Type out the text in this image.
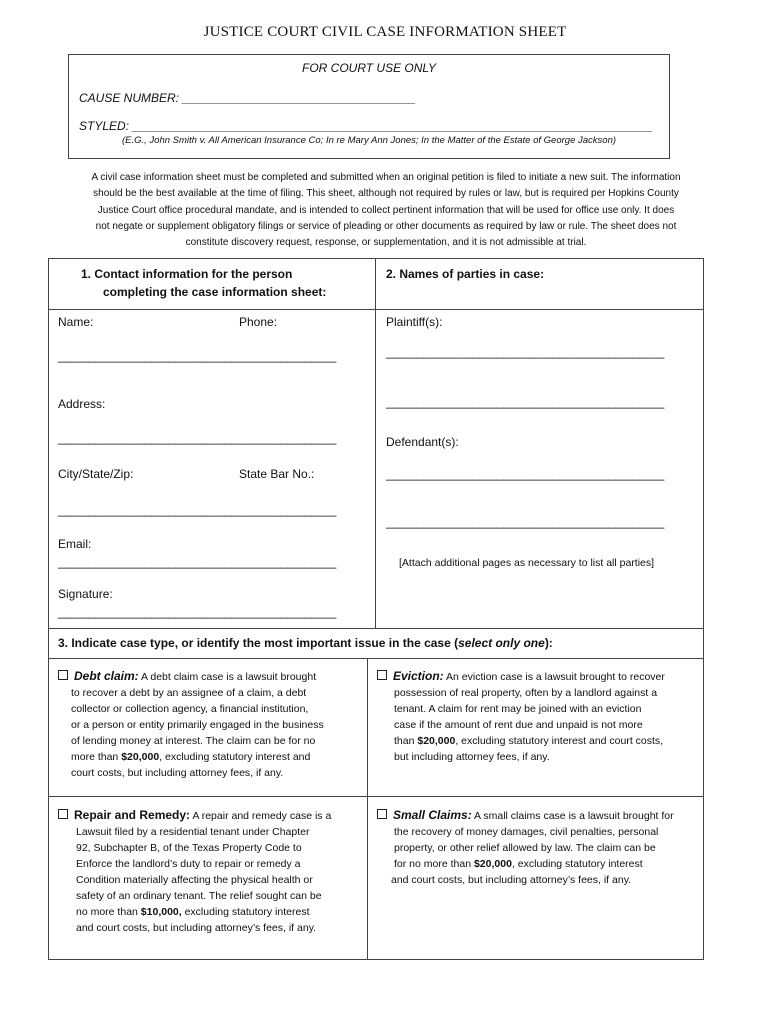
JUSTICE COURT CIVIL CASE INFORMATION SHEET
FOR COURT USE ONLY
CAUSE NUMBER: ___________________________________
STYLED: ______________________________________________________________________________
(E.G., John Smith v. All American Insurance Co; In re Mary Ann Jones; In the Matter of the Estate of George Jackson)
A civil case information sheet must be completed and submitted when an original petition is filed to initiate a new suit. The information
should be the best available at the time of filing. This sheet, although not required by rules or law, but is required per Hopkins County
Justice Court office procedural mandate, and is intended to collect pertinent information that will be used for office use only. It does
not negate or supplement obligatory filings or service of pleading or other documents as required by law or rule. The sheet does not
constitute discovery request, response, or supplementation, and it is not admissible at trial.
1. Contact information for the person
completing the case information sheet:
2. Names of parties in case:
Name:	Phone:
_____________________________________________
Address:
_____________________________________________
City/State/Zip:	State Bar No.:
_____________________________________________
Email:
_____________________________________________
Signature:
_____________________________________________
Plaintiff(s):
_____________________________________________
_____________________________________________
Defendant(s):
_____________________________________________
_____________________________________________
[Attach additional pages as necessary to list all parties]
3. Indicate case type, or identify the most important issue in the case (select only one):
Debt claim: A debt claim case is a lawsuit brought
to recover a debt by an assignee of a claim, a debt
collector or collection agency, a financial institution,
or a person or entity primarily engaged in the business
of lending money at interest. The claim can be for no
more than $20,000, excluding statutory interest and
court costs, but including attorney fees, if any.
Eviction: An eviction case is a lawsuit brought to recover
possession of real property, often by a landlord against a
tenant. A claim for rent may be joined with an eviction
case if the amount of rent due and unpaid is not more
than $20,000, excluding statutory interest and court costs,
but including attorney fees, if any.
Repair and Remedy: A repair and remedy case is a
Lawsuit filed by a residential tenant under Chapter
92, Subchapter B, of the Texas Property Code to
Enforce the landlord’s duty to repair or remedy a
Condition materially affecting the physical health or
safety of an ordinary tenant. The relief sought can be
no more than $10,000, excluding statutory interest
and court costs, but including attorney’s fees, if any.
Small Claims: A small claims case is a lawsuit brought for
the recovery of money damages, civil penalties, personal
property, or other relief allowed by law. The claim can be
for no more than $20,000, excluding statutory interest
and court costs, but including attorney’s fees, if any.
